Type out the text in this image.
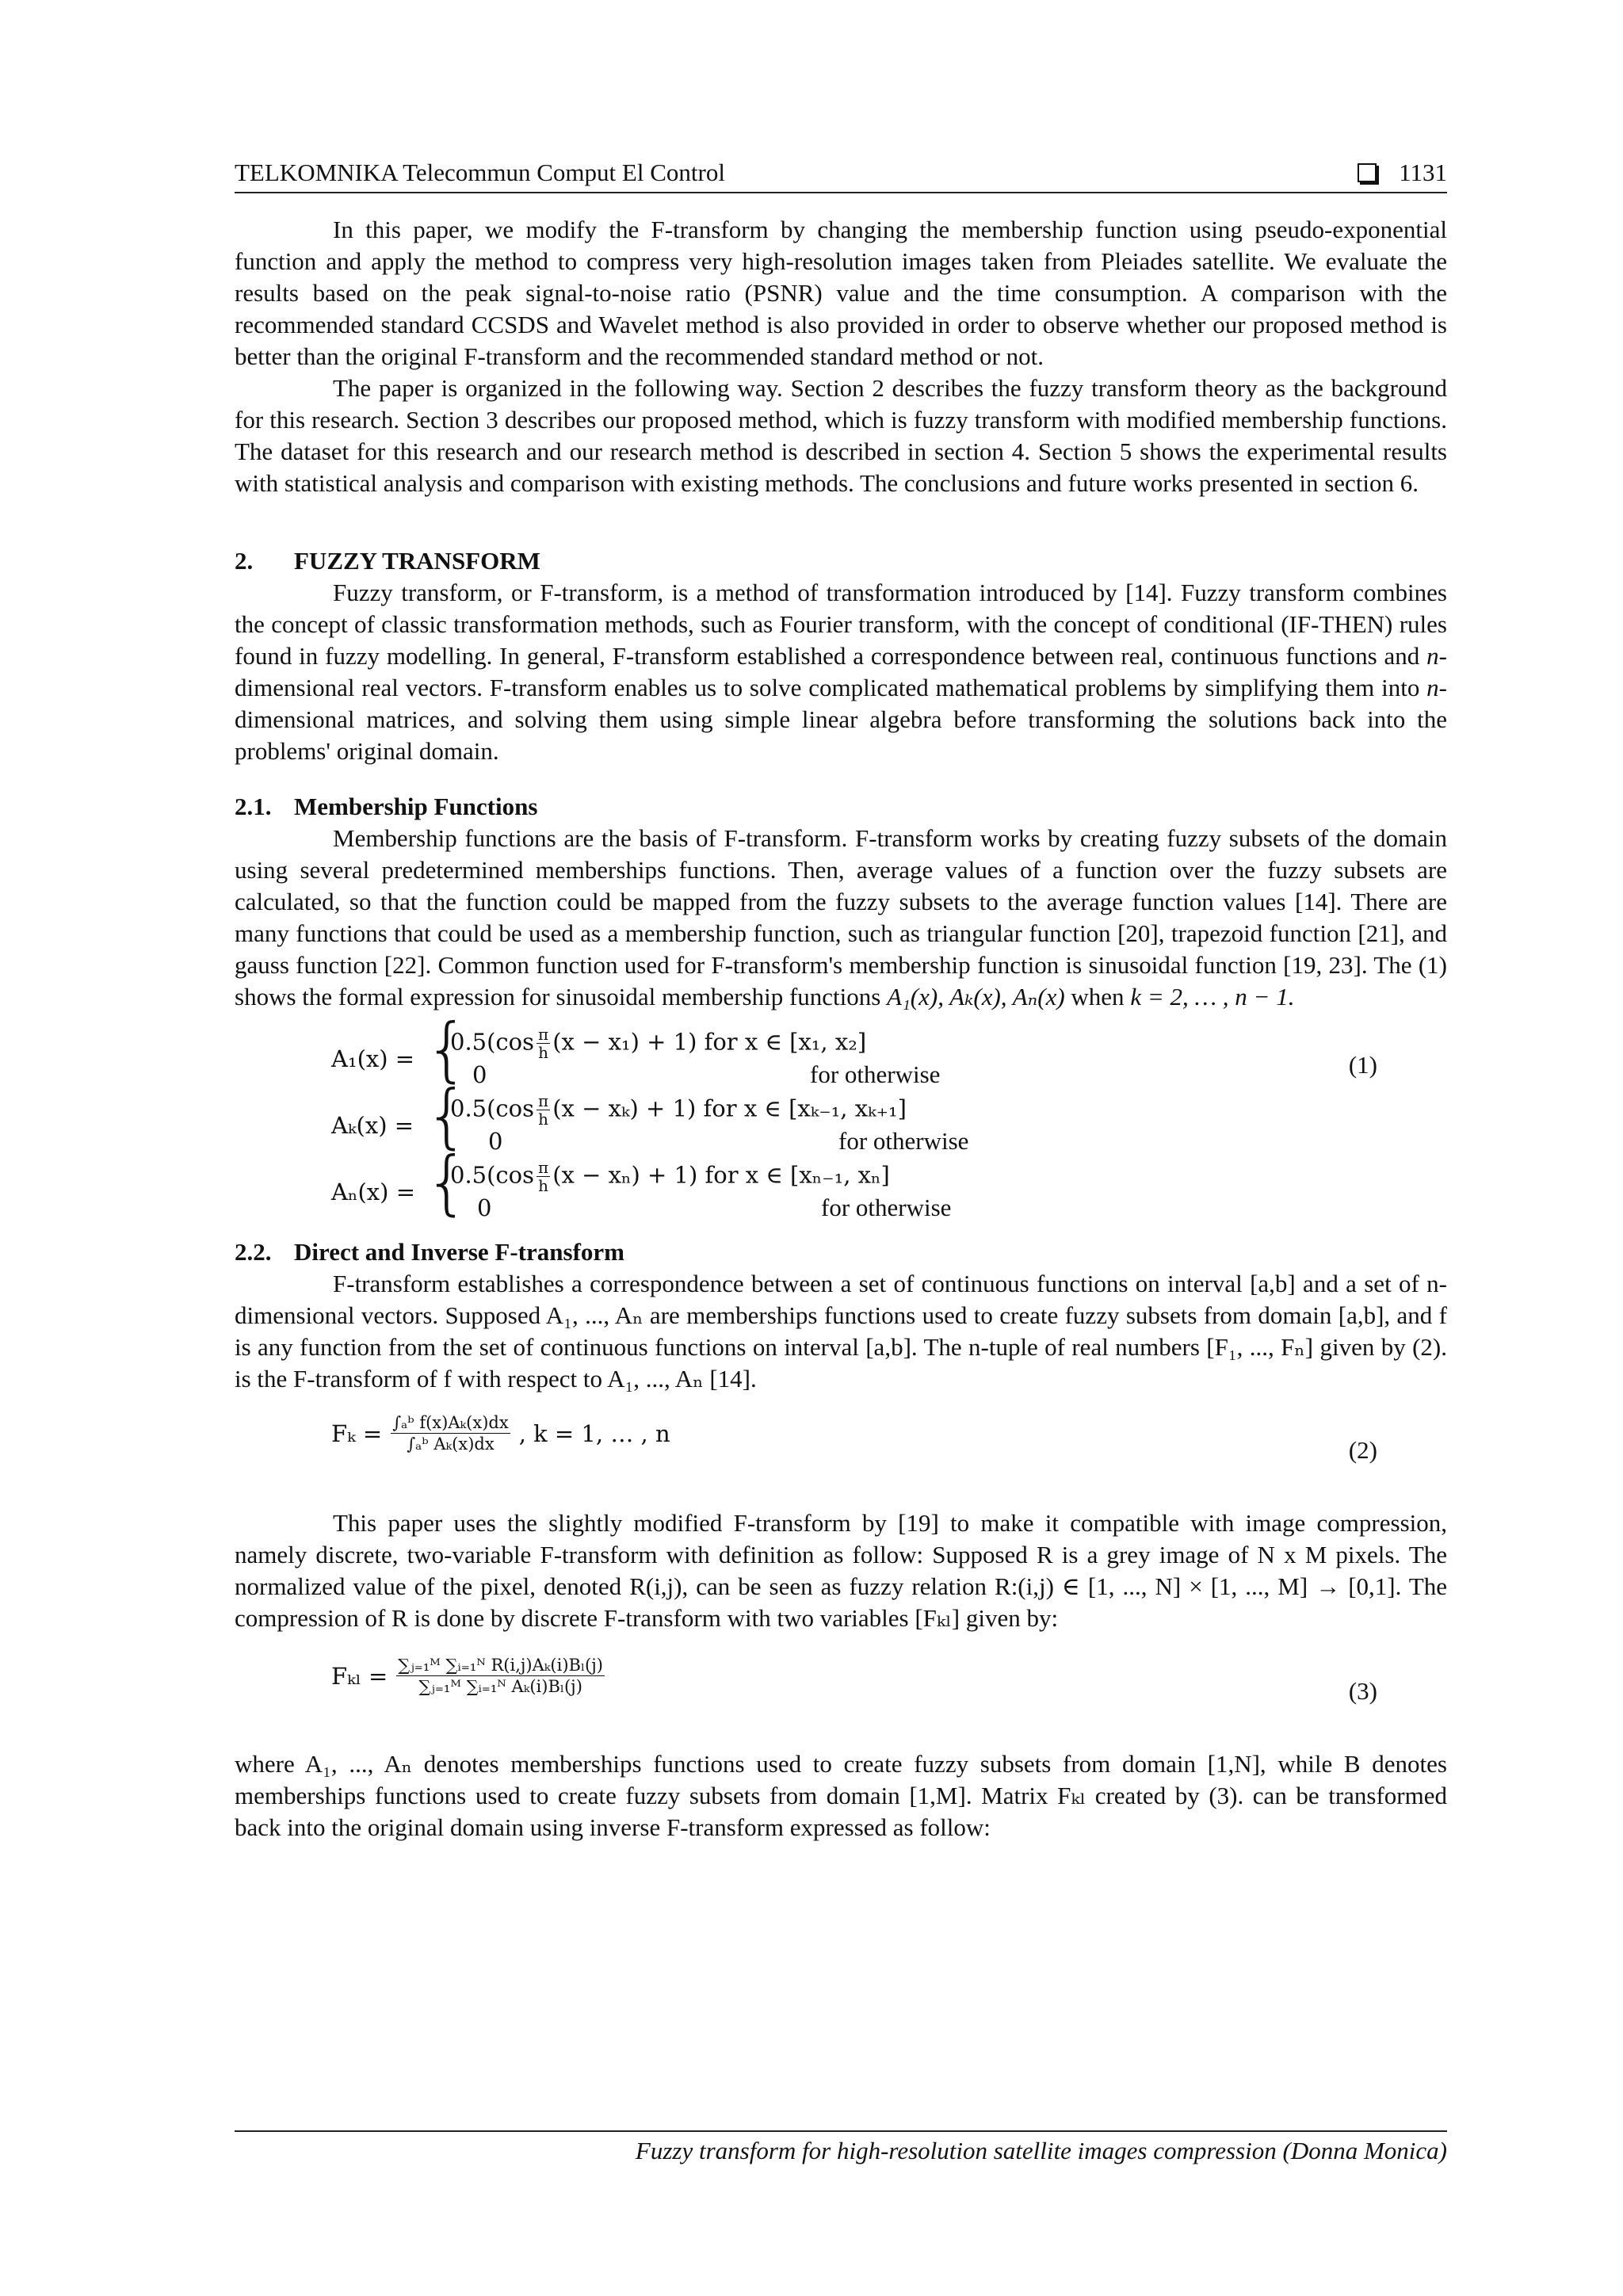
TELKOMNIKA Telecommun Comput El Control	1131

In this paper, we modify the F-transform by changing the membership function using pseudo-exponential function and apply the method to compress very high-resolution images taken from Pleiades satellite. We evaluate the results based on the peak signal-to-noise ratio (PSNR) value and the time consumption. A comparison with the recommended standard CCSDS and Wavelet method is also provided in order to observe whether our proposed method is better than the original F-transform and the recommended standard method or not.

The paper is organized in the following way. Section 2 describes the fuzzy transform theory as the background for this research. Section 3 describes our proposed method, which is fuzzy transform with modified membership functions. The dataset for this research and our research method is described in section 4. Section 5 shows the experimental results with statistical analysis and comparison with existing methods. The conclusions and future works presented in section 6.

2. FUZZY TRANSFORM

Fuzzy transform, or F-transform, is a method of transformation introduced by [14]. Fuzzy transform combines the concept of classic transformation methods, such as Fourier transform, with the concept of conditional (IF-THEN) rules found in fuzzy modelling. In general, F-transform established a correspondence between real, continuous functions and n-dimensional real vectors. F-transform enables us to solve complicated mathematical problems by simplifying them into n-dimensional matrices, and solving them using simple linear algebra before transforming the solutions back into the problems' original domain.

2.1. Membership Functions

Membership functions are the basis of F-transform. F-transform works by creating fuzzy subsets of the domain using several predetermined memberships functions. Then, average values of a function over the fuzzy subsets are calculated, so that the function could be mapped from the fuzzy subsets to the average function values [14]. There are many functions that could be used as a membership function, such as triangular function [20], trapezoid function [21], and gauss function [22]. Common function used for F-transform's membership function is sinusoidal function [19, 23]. The (1) shows the formal expression for sinusoidal membership functions A₁(x), Aₖ(x), Aₙ(x) when k = 2, … , n − 1.

(1)
A₁(x) = {
$0.5(\cos \frac{\pi}{h} (x - x_1) + 1)$ for x ∈ [x₁, x₂]
0	for otherwise
Aₖ(x) = {
$0.5(\cos \frac{\pi}{h} (x - x_k) + 1)$ for x ∈ [xₖ₋₁, xₖ₊₁]
0	for otherwise
Aₙ(x) = {
$0.5(\cos \frac{\pi}{h} (x - x_n) + 1)$ for x ∈ [xₙ₋₁, xₙ]
0	for otherwise
2.2. Direct and Inverse F-transform

F-transform establishes a correspondence between a set of continuous functions on interval [a,b] and a set of n-dimensional vectors. Supposed A₁, ..., Aₙ are memberships functions used to create fuzzy subsets from domain [a,b], and f is any function from the set of continuous functions on interval [a,b]. The n-tuple of real numbers [F₁, ..., Fₙ] given by (2). is the F-transform of f with respect to A₁, ..., Aₙ [14].

(2)
$F_k = \frac{\text{∫ₐᵇ f(x)Aₖ(x)dx}}{\text{∫ₐᵇ Aₖ(x)dx}}$ , k = 1, … , n

This paper uses the slightly modified F-transform by [19] to make it compatible with image compression, namely discrete, two-variable F-transform with definition as follow: Supposed R is a grey image of N x M pixels. The normalized value of the pixel, denoted R(i,j), can be seen as fuzzy relation R:(i,j) ∈ [1, ..., N] × [1, ..., M] → [0,1]. The compression of R is done by discrete F-transform with two variables [Fₖₗ] given by:

(3)
$F_{kl} = \frac{\text{∑ⱼ₌₁ᴹ ∑ᵢ₌₁ᴺ R(i,j)Aₖ(i)Bₗ(j)}}{\text{∑ⱼ₌₁ᴹ ∑ᵢ₌₁ᴺ Aₖ(i)Bₗ(j)}}$

where A₁, ..., Aₙ denotes memberships functions used to create fuzzy subsets from domain [1,N], while B denotes memberships functions used to create fuzzy subsets from domain [1,M]. Matrix Fₖₗ created by (3). can be transformed back into the original domain using inverse F-transform expressed as follow:

Fuzzy transform for high-resolution satellite images compression (Donna Monica)
